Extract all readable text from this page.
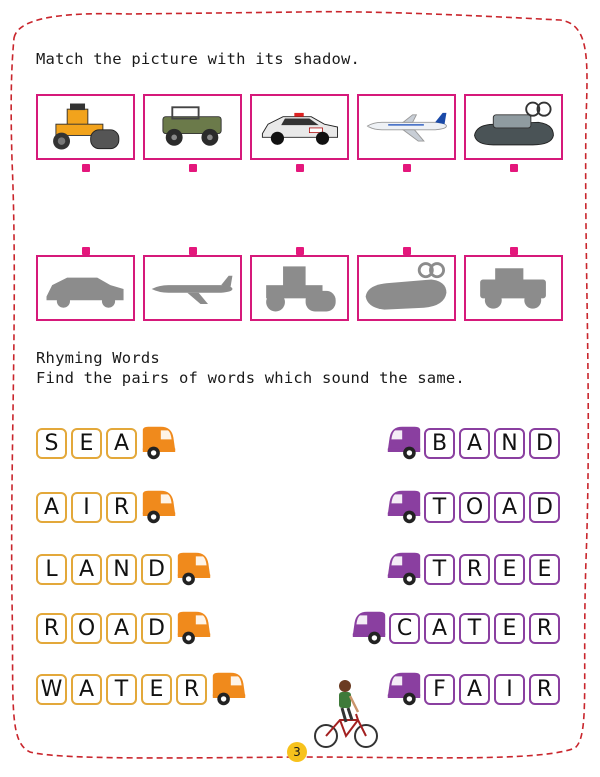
Match the picture with its shadow.
Rhyming Words
Find the pairs of words which sound the same.
S E A
A	I	R
L A N D
R O A D
W A T E R
B A N D
T O A D
T R E E
C A T E R
F A	I	R
3
